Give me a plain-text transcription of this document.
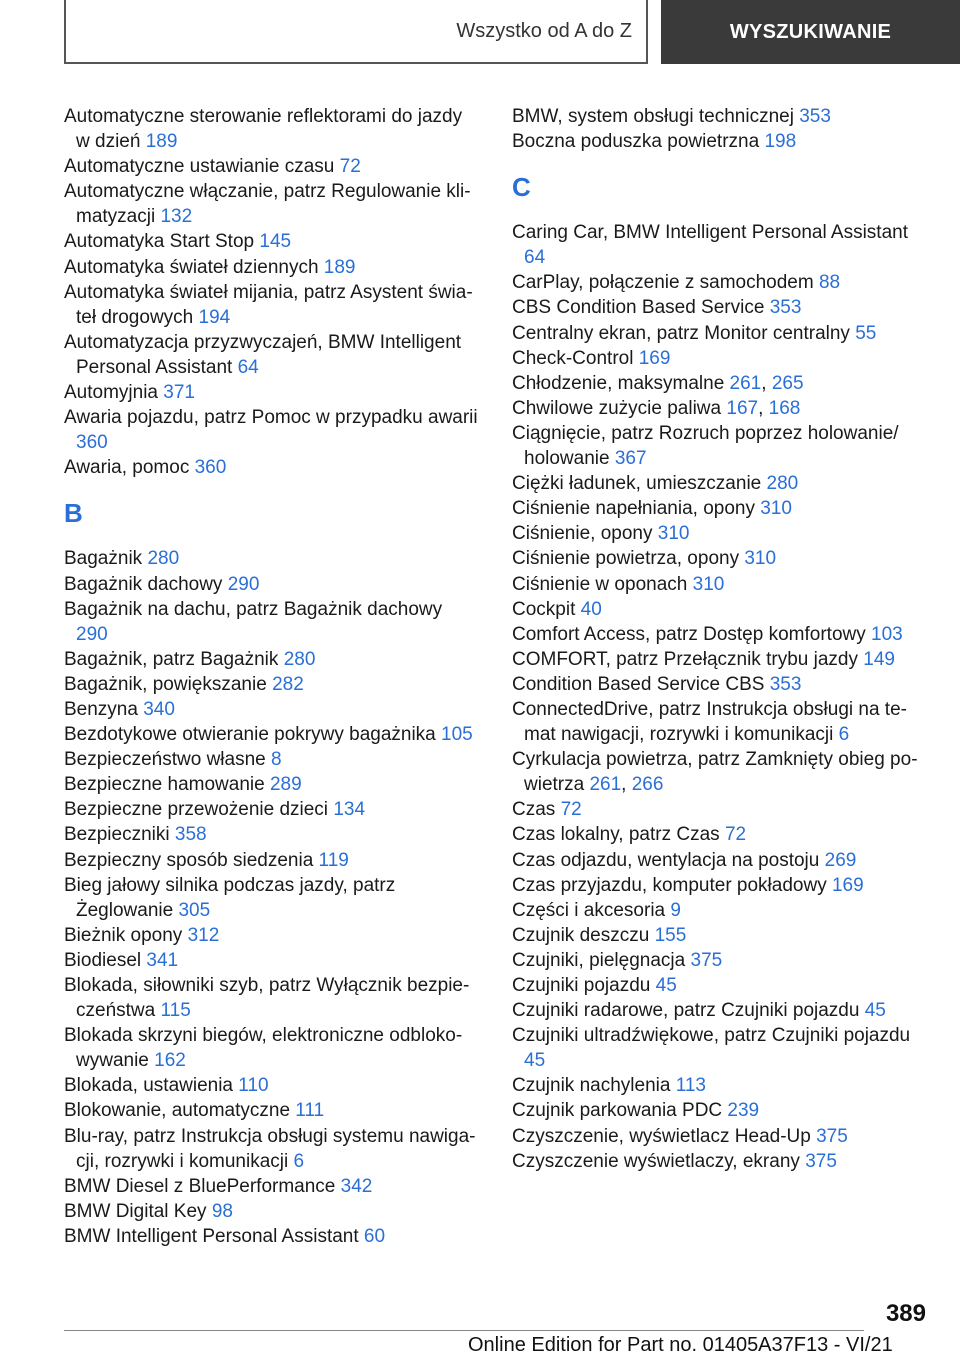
Wszystko od A do Z	WYSZUKIWANIE

Automatyczne sterowanie reflektorami do jazdy w dzień 189

Automatyczne ustawianie czasu 72

Automatyczne włączanie, patrz Regulowanie klimatyzacji 132

Automatyka Start Stop 145

Automatyka świateł dziennych 189

Automatyka świateł mijania, patrz Asystent świateł drogowych 194

Automatyzacja przyzwyczajeń, BMW Intelligent Personal Assistant 64

Automyjnia 371

Awaria pojazdu, patrz Pomoc w przypadku awarii 360

Awaria, pomoc 360

B

Bagażnik 280

Bagażnik dachowy 290

Bagażnik na dachu, patrz Bagażnik dachowy 290

Bagażnik, patrz Bagażnik 280

Bagażnik, powiększanie 282

Benzyna 340

Bezdotykowe otwieranie pokrywy bagażnika 105

Bezpieczeństwo własne 8

Bezpieczne hamowanie 289

Bezpieczne przewożenie dzieci 134

Bezpieczniki 358

Bezpieczny sposób siedzenia 119

Bieg jałowy silnika podczas jazdy, patrz Żeglowanie 305

Bieżnik opony 312

Biodiesel 341

Blokada, siłowniki szyb, patrz Wyłącznik bezpieczeństwa 115

Blokada skrzyni biegów, elektroniczne odblokowywanie 162

Blokada, ustawienia 110

Blokowanie, automatyczne 111

Blu-ray, patrz Instrukcja obsługi systemu nawigacji, rozrywki i komunikacji 6

BMW Diesel z BluePerformance 342

BMW Digital Key 98

BMW Intelligent Personal Assistant 60

BMW, system obsługi technicznej 353

Boczna poduszka powietrzna 198

C

Caring Car, BMW Intelligent Personal Assistant 64

CarPlay, połączenie z samochodem 88

CBS Condition Based Service 353

Centralny ekran, patrz Monitor centralny 55

Check-Control 169

Chłodzenie, maksymalne 261, 265

Chwilowe zużycie paliwa 167, 168

Ciągnięcie, patrz Rozruch poprzez holowanie/ holowanie 367

Ciężki ładunek, umieszczanie 280

Ciśnienie napełniania, opony 310

Ciśnienie, opony 310

Ciśnienie powietrza, opony 310

Ciśnienie w oponach 310

Cockpit 40

Comfort Access, patrz Dostęp komfortowy 103

COMFORT, patrz Przełącznik trybu jazdy 149

Condition Based Service CBS 353

ConnectedDrive, patrz Instrukcja obsługi na temat nawigacji, rozrywki i komunikacji 6

Cyrkulacja powietrza, patrz Zamknięty obieg powietrza 261, 266

Czas 72

Czas lokalny, patrz Czas 72

Czas odjazdu, wentylacja na postoju 269

Czas przyjazdu, komputer pokładowy 169

Części i akcesoria 9

Czujnik deszczu 155

Czujniki, pielęgnacja 375

Czujniki pojazdu 45

Czujniki radarowe, patrz Czujniki pojazdu 45

Czujniki ultradźwiękowe, patrz Czujniki pojazdu 45

Czujnik nachylenia 113

Czujnik parkowania PDC 239

Czyszczenie, wyświetlacz Head-Up 375

Czyszczenie wyświetlaczy, ekrany 375

389
Online Edition for Part no. 01405A37F13 - VI/21
